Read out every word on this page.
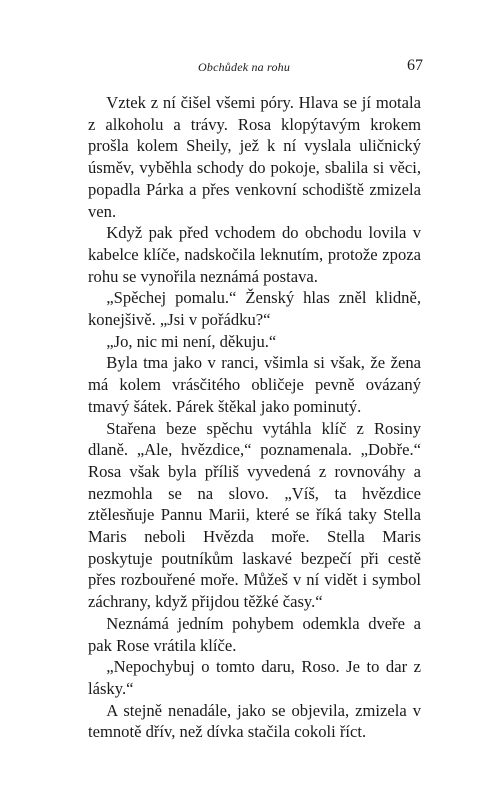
Obchůdek na rohu	67

Vztek z ní čišel všemi póry. Hlava se jí motala z alkoholu a trávy. Rosa klopýtavým krokem prošla kolem Sheily, jež k ní vyslala uličnický úsměv, vyběhla schody do pokoje, sbalila si věci, popadla Párka a přes venkovní schodiště zmizela ven.

Když pak před vchodem do obchodu lovila v kabelce klíče, nadskočila leknutím, protože zpoza rohu se vynořila neznámá postava.

„Spěchej pomalu.“ Ženský hlas zněl klidně, konejšivě. „Jsi v pořádku?“

„Jo, nic mi není, děkuju.“

Byla tma jako v ranci, všimla si však, že žena má kolem vrásčitého obličeje pevně ovázaný tmavý šátek. Párek štěkal jako pominutý.

Stařena beze spěchu vytáhla klíč z Rosiny dlaně. „Ale, hvězdice,“ poznamenala. „Dobře.“ Rosa však byla příliš vyvedená z rovnováhy a nezmohla se na slovo. „Víš, ta hvězdice ztělesňuje Pannu Marii, které se říká taky Stella Maris neboli Hvězda moře. Stella Maris poskytuje poutníkům laskavé bezpečí při cestě přes rozbouřené moře. Můžeš v ní vidět i symbol záchrany, když přijdou těžké časy.“

Neznámá jedním pohybem odemkla dveře a pak Rose vrátila klíče.

„Nepochybuj o tomto daru, Roso. Je to dar z lásky.“

A stejně nenadále, jako se objevila, zmizela v temnotě dřív, než dívka stačila cokoli říct.
